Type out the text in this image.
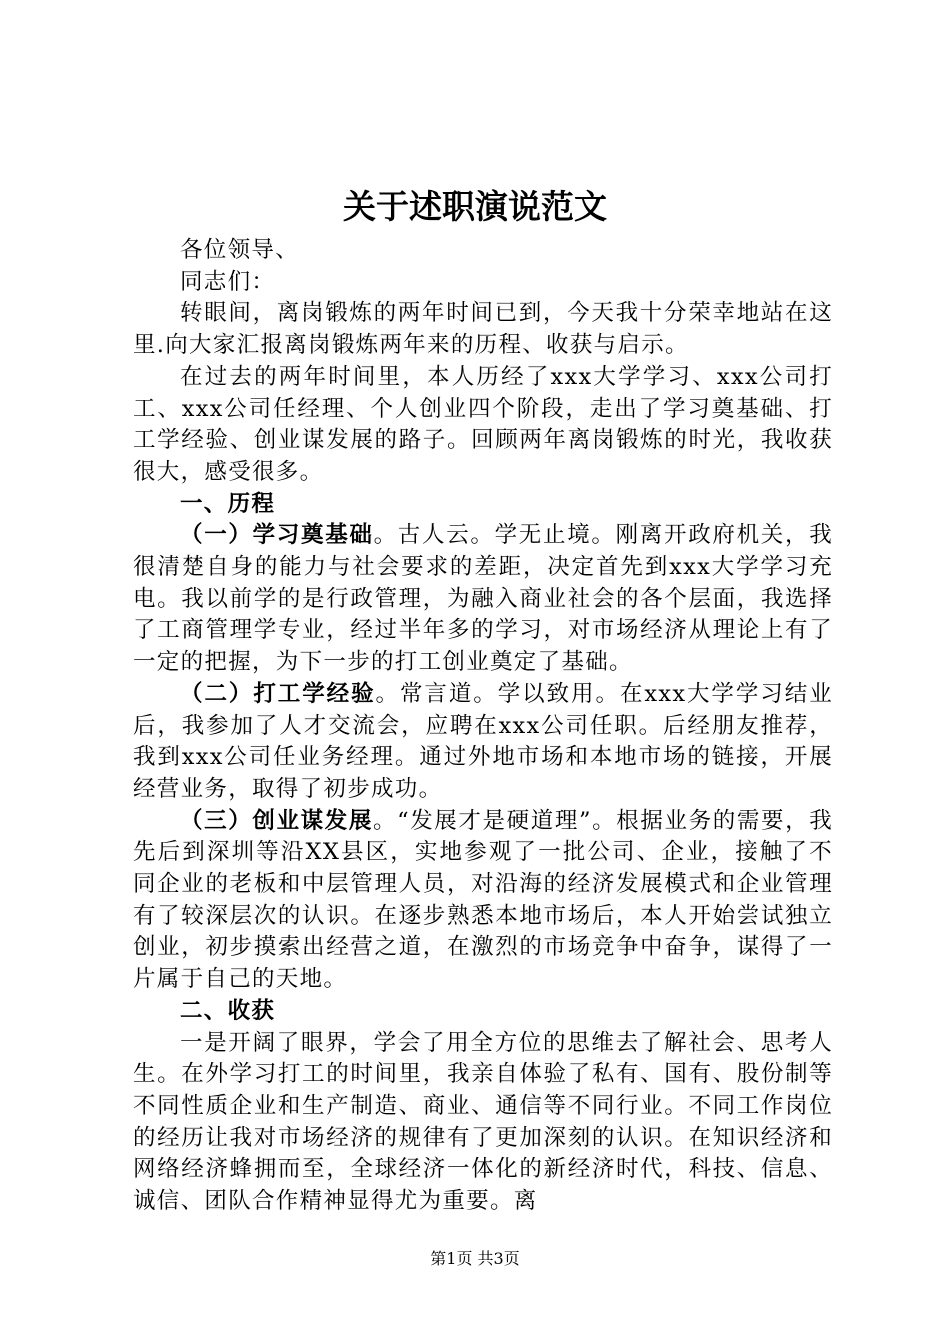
关于述职演说范文

各位领导、

同志们：

转眼间，离岗锻炼的两年时间已到，今天我十分荣幸地站在这里.向大家汇报离岗锻炼两年来的历程、收获与启示。

在过去的两年时间里，本人历经了xxx大学学习、xxx公司打工、xxx公司任经理、个人创业四个阶段，走出了学习奠基础、打工学经验、创业谋发展的路子。回顾两年离岗锻炼的时光，我收获很大，感受很多。

一、历程

（一）学习奠基础。古人云。学无止境。刚离开政府机关，我很清楚自身的能力与社会要求的差距，决定首先到xxx大学学习充电。我以前学的是行政管理，为融入商业社会的各个层面，我选择了工商管理学专业，经过半年多的学习，对市场经济从理论上有了一定的把握，为下一步的打工创业奠定了基础。

（二）打工学经验。常言道。学以致用。在xxx大学学习结业后，我参加了人才交流会，应聘在xxx公司任职。后经朋友推荐，我到xxx公司任业务经理。通过外地市场和本地市场的链接，开展经营业务，取得了初步成功。

（三）创业谋发展。“发展才是硬道理”。根据业务的需要，我先后到深圳等沿XX县区，实地参观了一批公司、企业，接触了不同企业的老板和中层管理人员，对沿海的经济发展模式和企业管理有了较深层次的认识。在逐步熟悉本地市场后，本人开始尝试独立创业，初步摸索出经营之道，在激烈的市场竞争中奋争，谋得了一片属于自己的天地。

二、收获

一是开阔了眼界，学会了用全方位的思维去了解社会、思考人生。在外学习打工的时间里，我亲自体验了私有、国有、股份制等不同性质企业和生产制造、商业、通信等不同行业。不同工作岗位的经历让我对市场经济的规律有了更加深刻的认识。在知识经济和网络经济蜂拥而至，全球经济一体化的新经济时代，科技、信息、诚信、团队合作精神显得尤为重要。离

第1页 共3页
